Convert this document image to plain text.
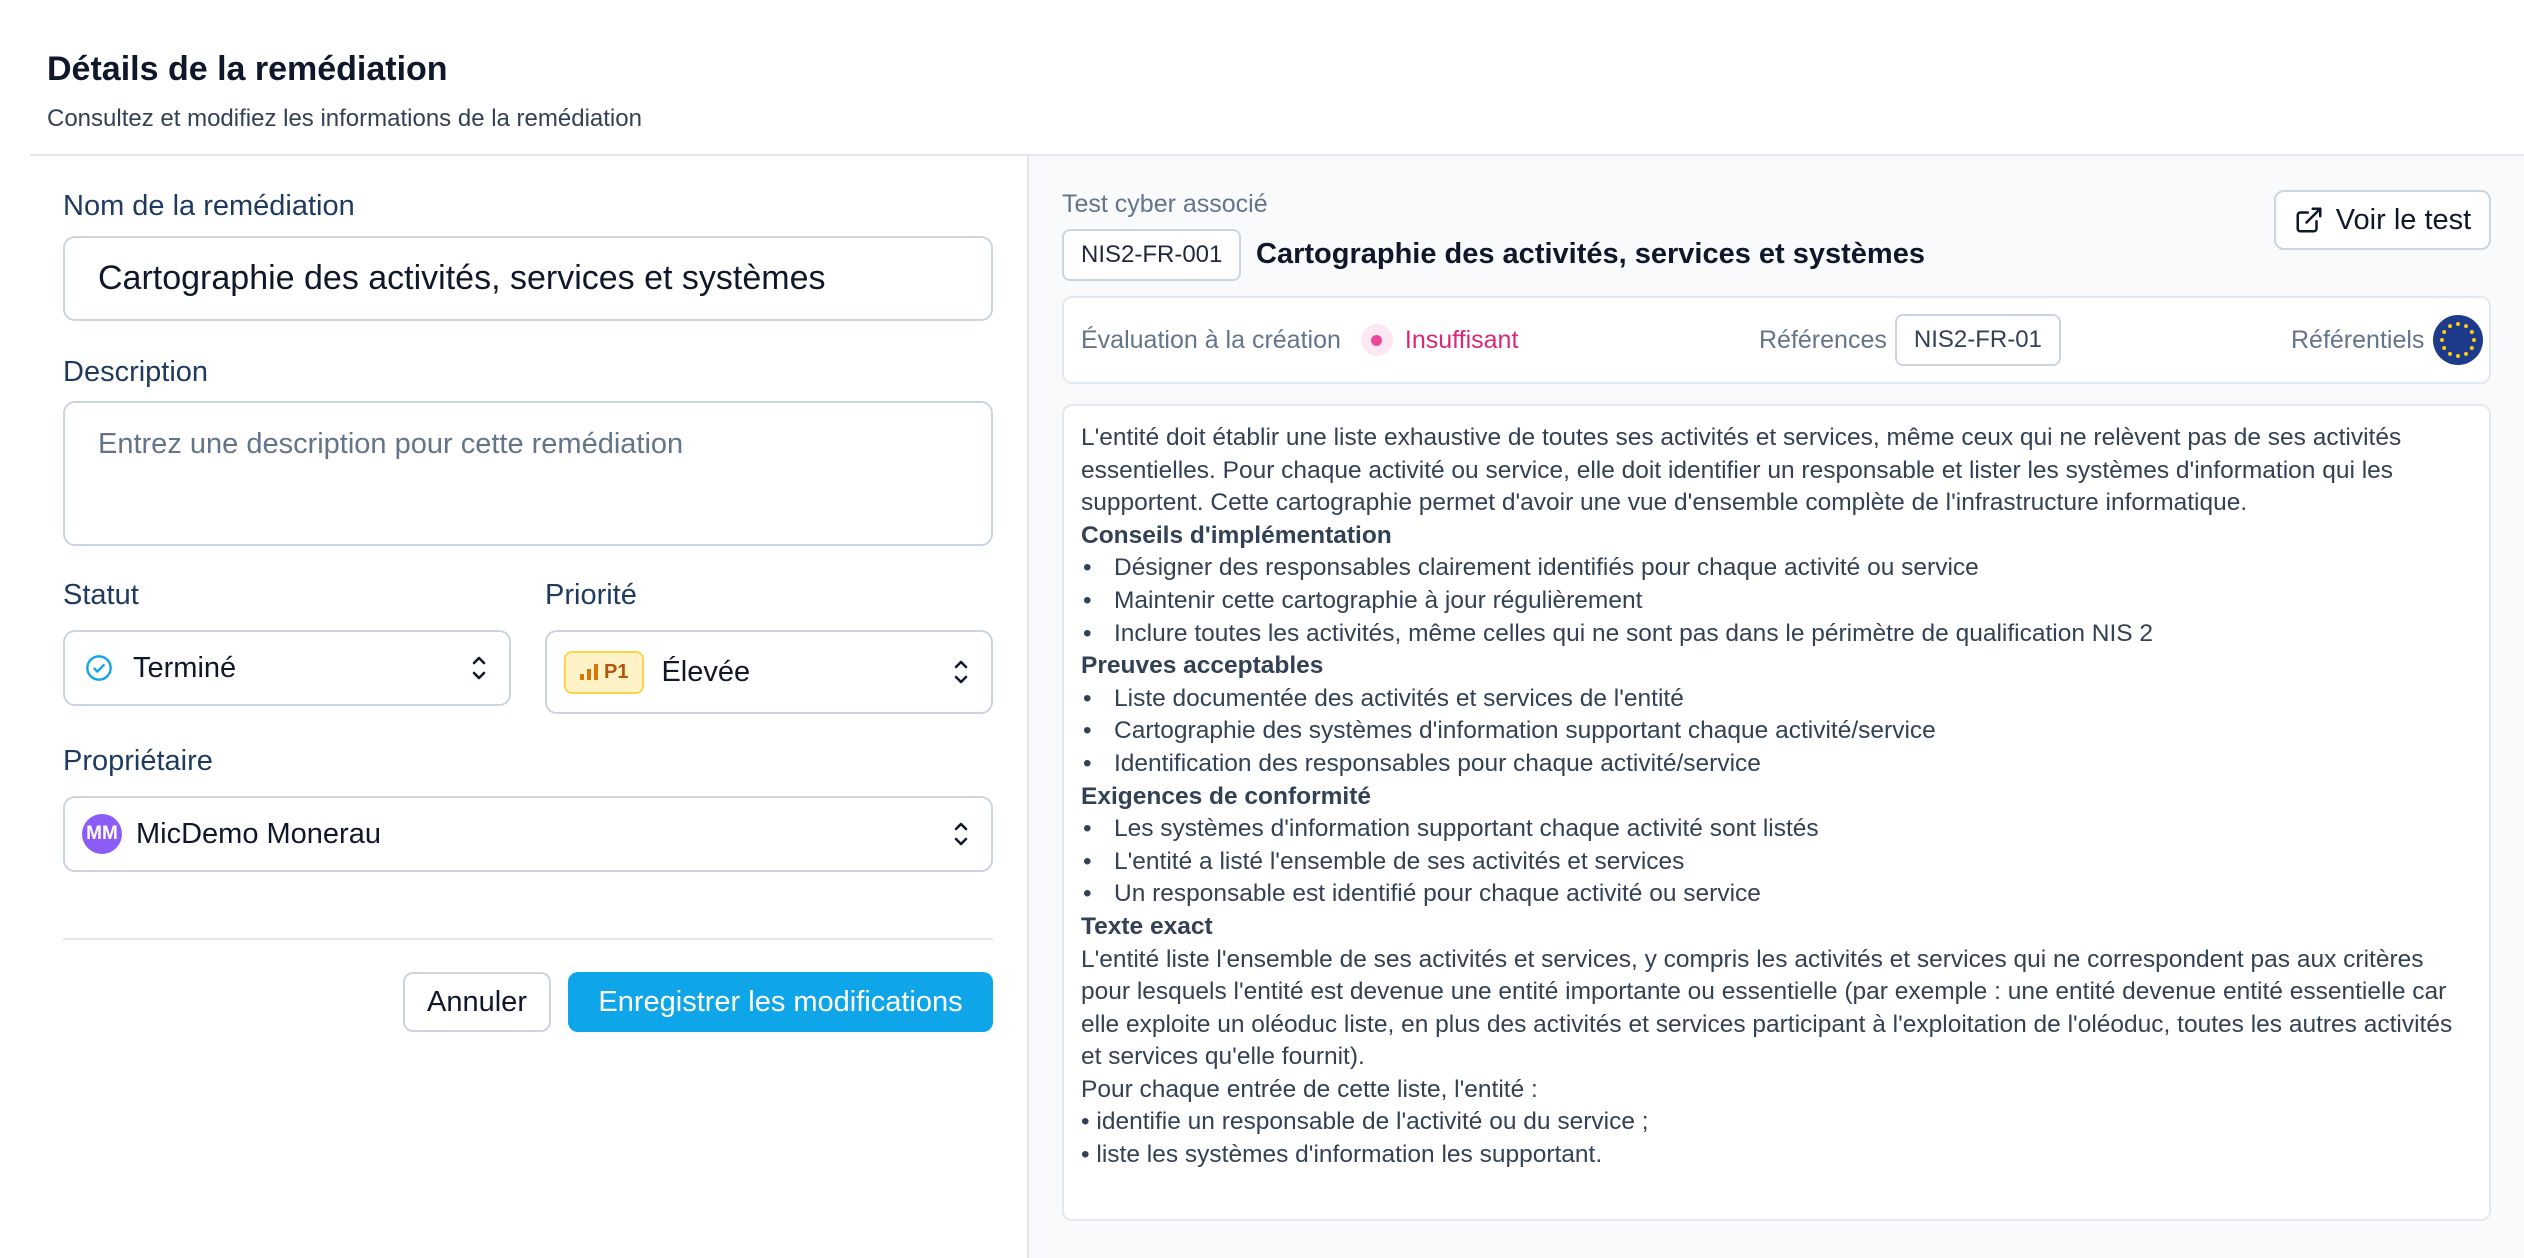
Détails de la remédiation
Consultez et modifiez les informations de la remédiation
Nom de la remédiation
Cartographie des activités, services et systèmes
Description
Entrez une description pour cette remédiation
Statut
Terminé
Priorité
P1 Élevée
Propriétaire
MM MicDemo Monerau
Annuler	Enregistrer les modifications
Test cyber associé
NIS2-FR-001	Cartographie des activités, services et systèmes
Voir le test
Évaluation à la création	Insuffisant	Références	NIS2-FR-01	Référentiels

L'entité doit établir une liste exhaustive de toutes ses activités et services, même ceux qui ne relèvent pas de ses activités essentielles. Pour chaque activité ou service, elle doit identifier un responsable et lister les systèmes d'information qui les supportent. Cette cartographie permet d'avoir une vue d'ensemble complète de l'infrastructure informatique.

Conseils d'implémentation
• Désigner des responsables clairement identifiés pour chaque activité ou service
• Maintenir cette cartographie à jour régulièrement
• Inclure toutes les activités, même celles qui ne sont pas dans le périmètre de qualification NIS 2
Preuves acceptables
• Liste documentée des activités et services de l'entité
• Cartographie des systèmes d'information supportant chaque activité/service
• Identification des responsables pour chaque activité/service
Exigences de conformité
• Les systèmes d'information supportant chaque activité sont listés
• L'entité a listé l'ensemble de ses activités et services
• Un responsable est identifié pour chaque activité ou service
Texte exact

L'entité liste l'ensemble de ses activités et services, y compris les activités et services qui ne correspondent pas aux critères pour lesquels l'entité est devenue une entité importante ou essentielle (par exemple : une entité devenue entité essentielle car elle exploite un oléoduc liste, en plus des activités et services participant à l'exploitation de l'oléoduc, toutes les autres activités et services qu'elle fournit).

Pour chaque entrée de cette liste, l'entité :

• identifie un responsable de l'activité ou du service ;

• liste les systèmes d'information les supportant.
